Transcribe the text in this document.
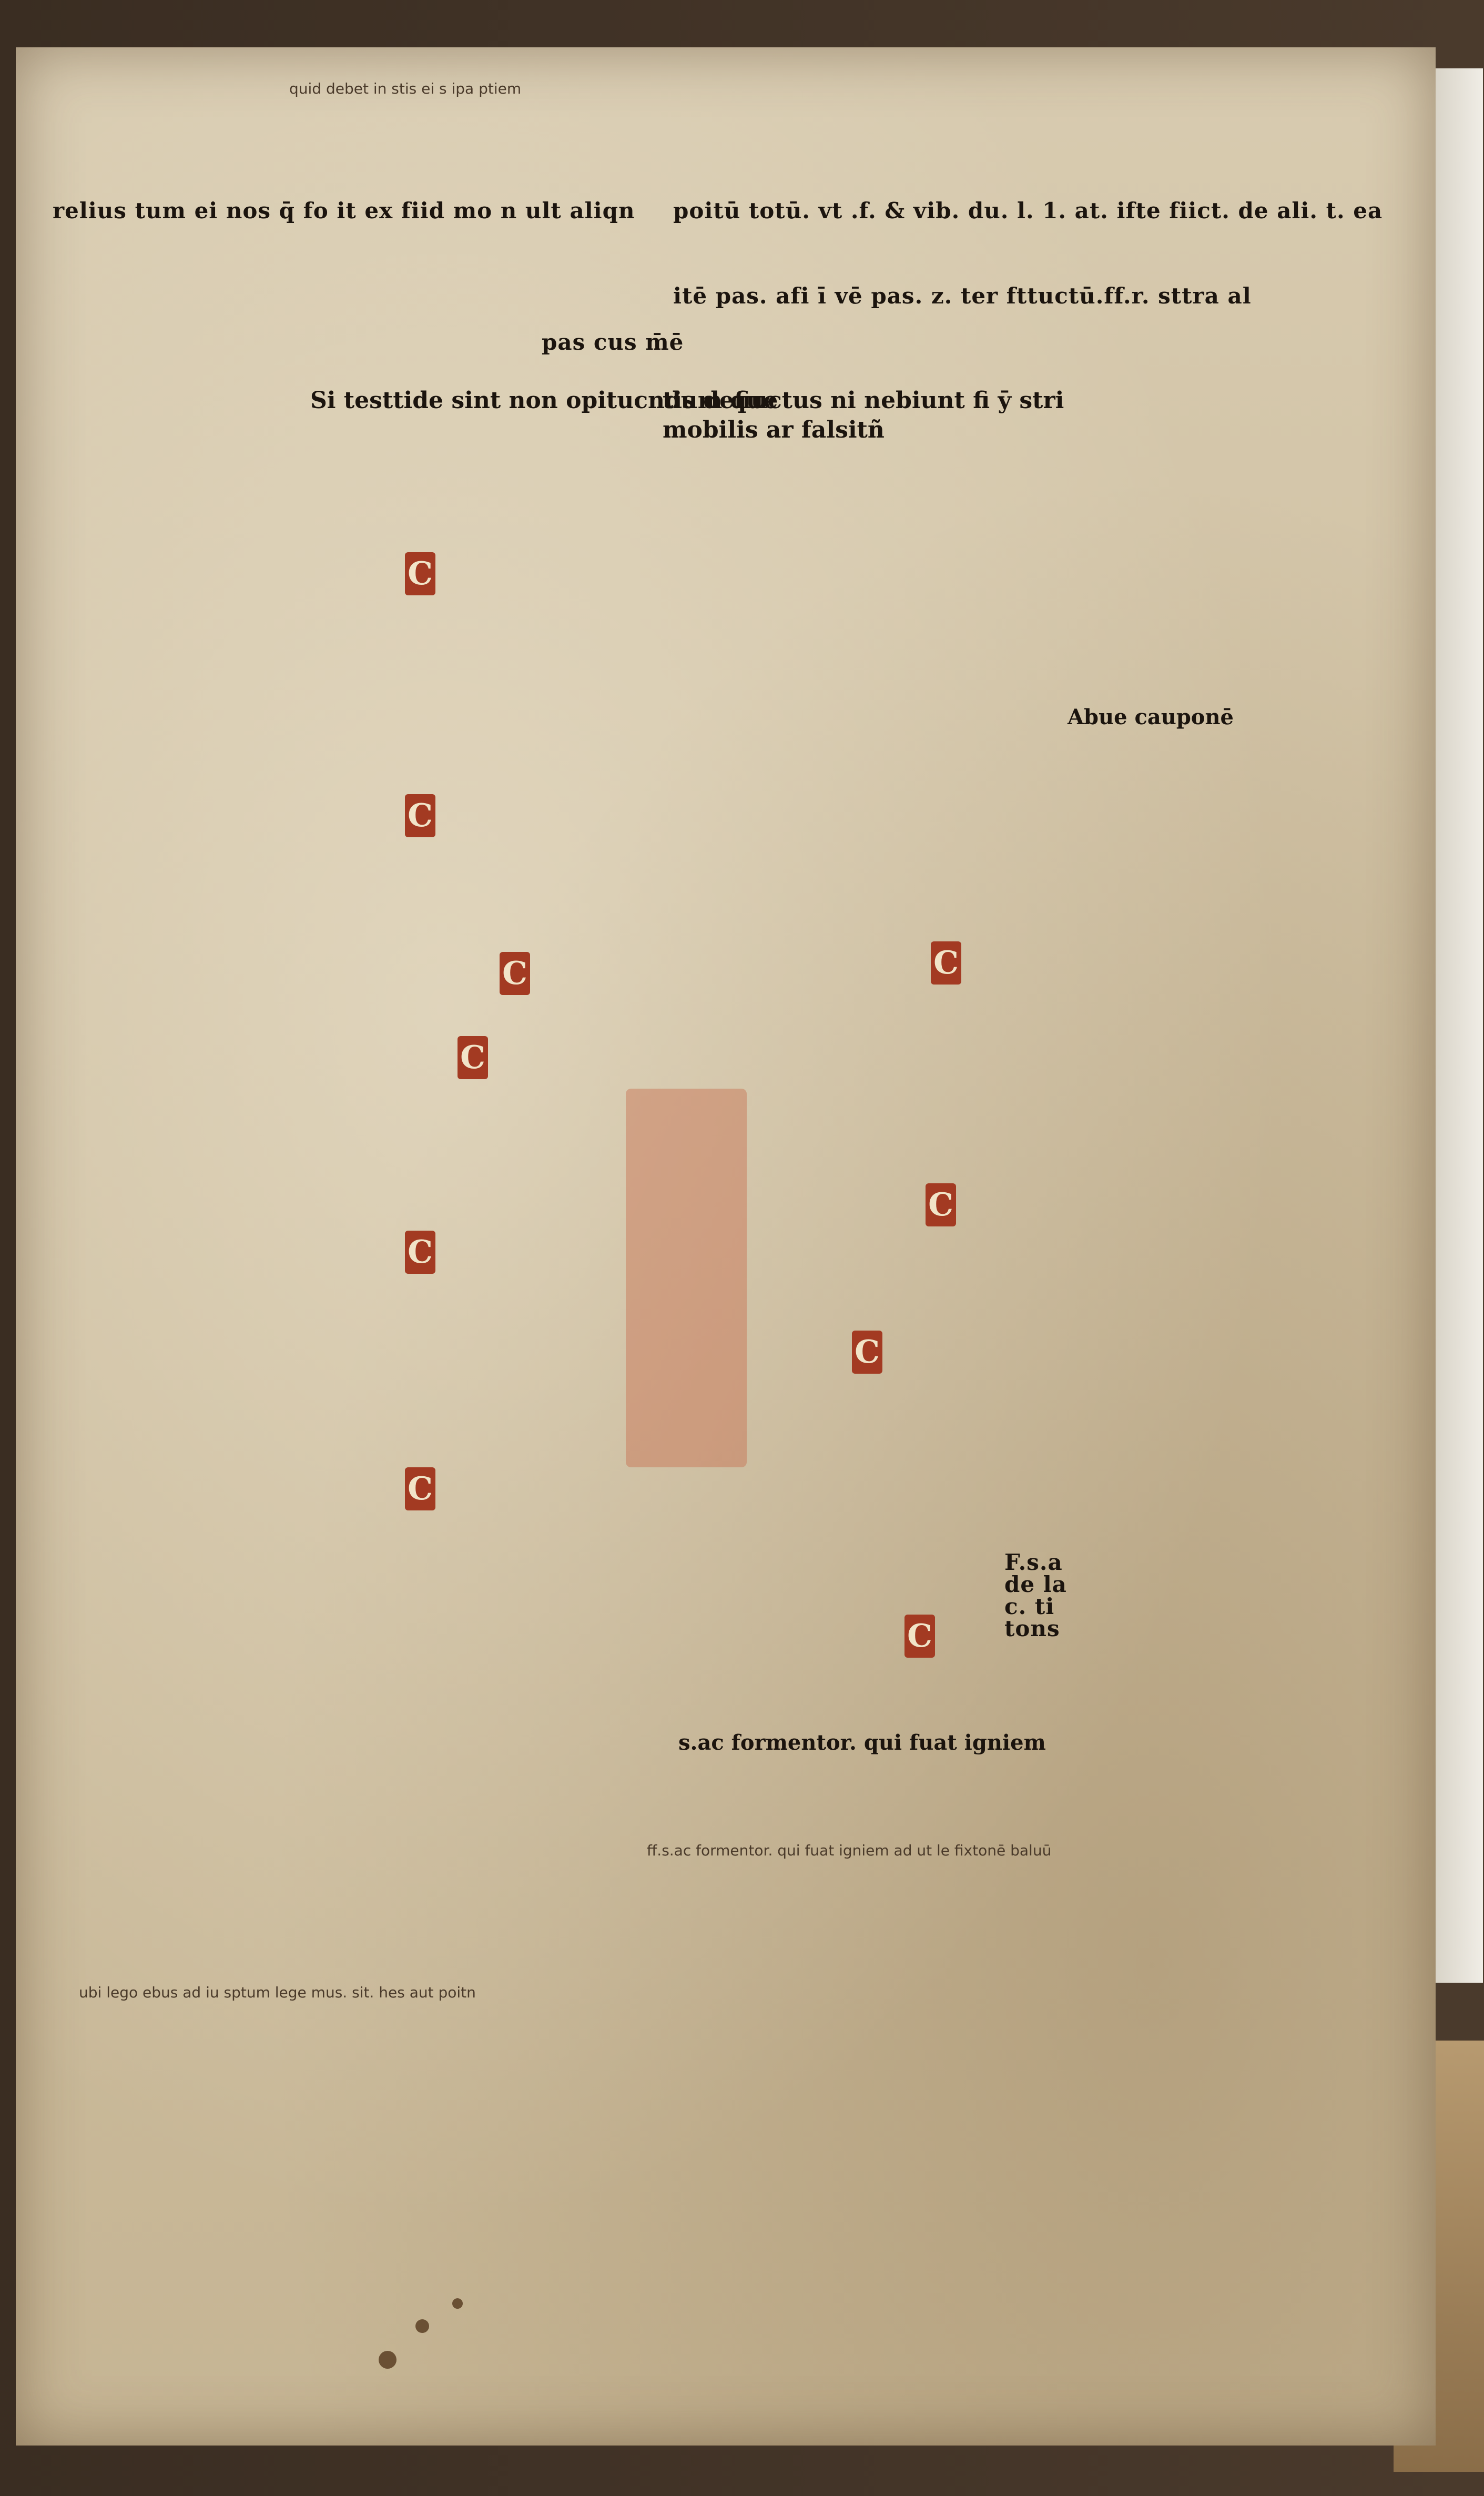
quid debet in stis ei s ipa ptiem
relius tum ei nos q̄ fo it ex fiid mo n ult aliqn
Si testtide sint non opitucndum que
tis defiuctus ni nebiunt fi ȳ stri
mobilis ar falsitñ
poitū totū. vt .f. & vib. du. l. 1. at. ifte fiict. de ali. t. ea
itē pas. afi ī vē pas. z. ter fttuctū.ff.r. sttra al
pas cus m̄ē
C
C
C
C
C
C
C
C
C
C
Abue cauponē
F.s.a
de la
c. ti
tons
s.ac formentor. qui fuat igniem
ff.s.ac formentor. qui fuat igniem ad ut le fixtonē baluū
ubi lego ebus ad iu sptum lege mus. sit. hes aut poitn
